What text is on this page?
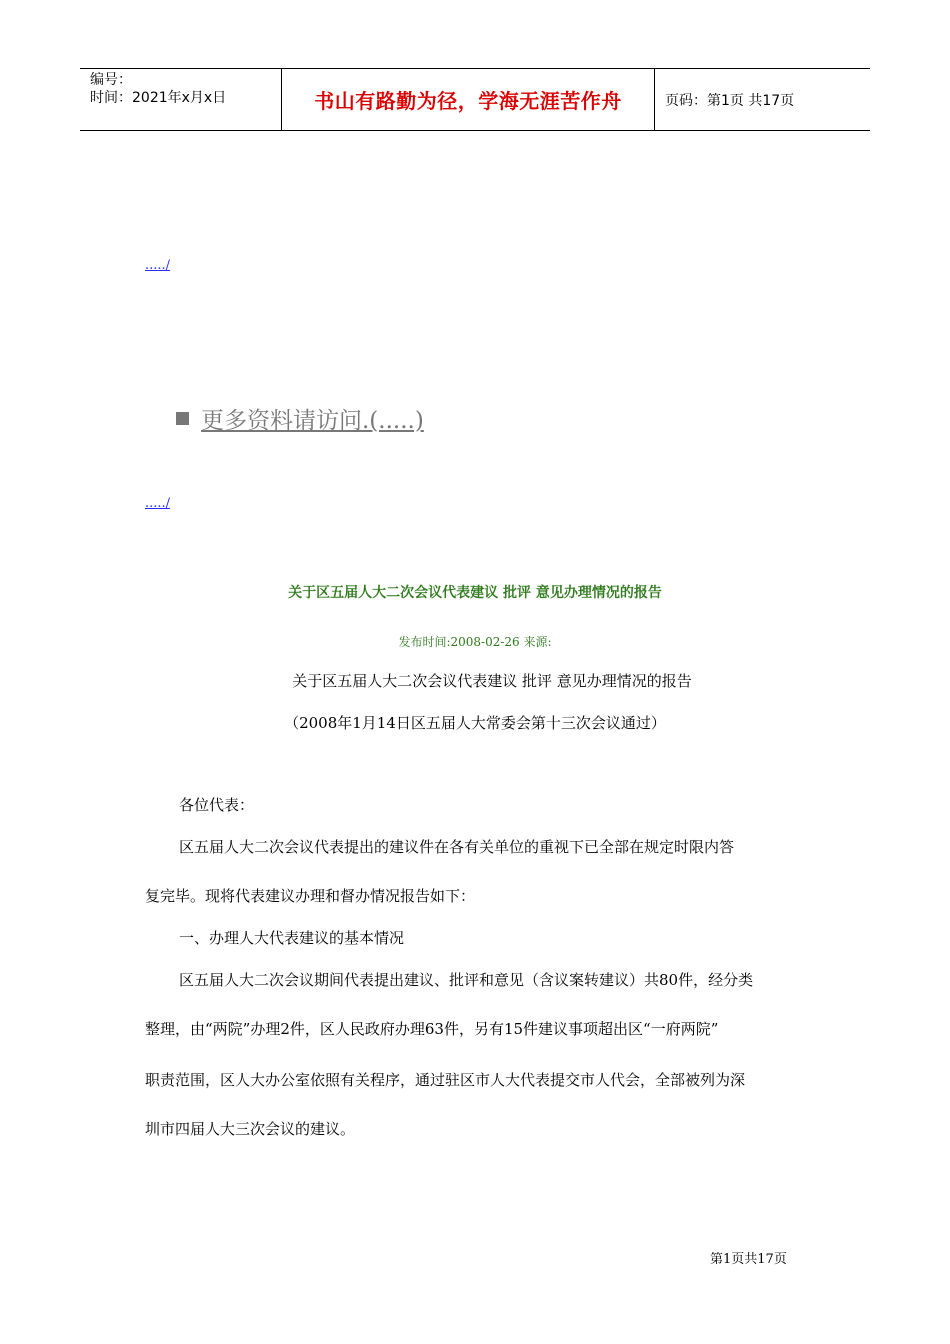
编号：
时间：2021年x月x日	书山有路勤为径，学海无涯苦作舟	页码：第1页 共17页
...../
更多资料请访问.(.....)
...../
关于区五届人大二次会议代表建议 批评 意见办理情况的报告
发布时间:2008-02-26 来源:
关于区五届人大二次会议代表建议 批评 意见办理情况的报告
（2008年1月14日区五届人大常委会第十三次会议通过）
各位代表：
区五届人大二次会议代表提出的建议件在各有关单位的重视下已全部在规定时限内答
复完毕。现将代表建议办理和督办情况报告如下：
一、办理人大代表建议的基本情况
区五届人大二次会议期间代表提出建议、批评和意见（含议案转建议）共80件，经分类
整理，由“两院”办理2件，区人民政府办理63件，另有15件建议事项超出区“一府两院”
职责范围，区人大办公室依照有关程序，通过驻区市人大代表提交市人代会，全部被列为深
圳市四届人大三次会议的建议。
第1页共17页
